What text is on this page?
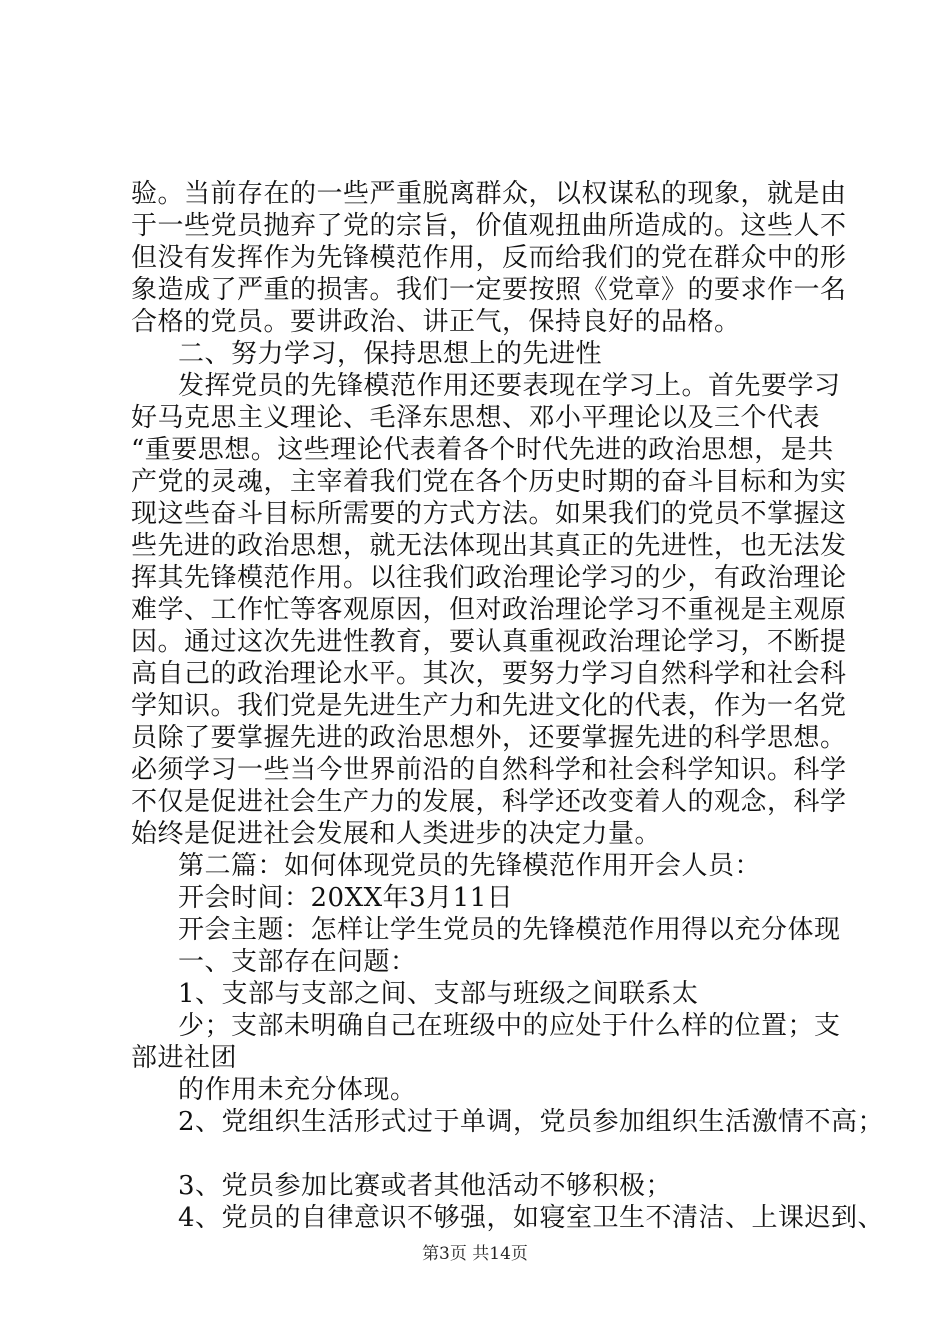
验。当前存在的一些严重脱离群众，以权谋私的现象，就是由
于一些党员抛弃了党的宗旨，价值观扭曲所造成的。这些人不
但没有发挥作为先锋模范作用，反而给我们的党在群众中的形
象造成了严重的损害。我们一定要按照《党章》的要求作一名
合格的党员。要讲政治、讲正气，保持良好的品格。
二、努力学习，保持思想上的先进性
发挥党员的先锋模范作用还要表现在学习上。首先要学习
好马克思主义理论、毛泽东思想、邓小平理论以及三个代表
“重要思想。这些理论代表着各个时代先进的政治思想，是共
产党的灵魂，主宰着我们党在各个历史时期的奋斗目标和为实
现这些奋斗目标所需要的方式方法。如果我们的党员不掌握这
些先进的政治思想，就无法体现出其真正的先进性，也无法发
挥其先锋模范作用。以往我们政治理论学习的少，有政治理论
难学、工作忙等客观原因，但对政治理论学习不重视是主观原
因。通过这次先进性教育，要认真重视政治理论学习，不断提
高自己的政治理论水平。其次，要努力学习自然科学和社会科
学知识。我们党是先进生产力和先进文化的代表，作为一名党
员除了要掌握先进的政治思想外，还要掌握先进的科学思想。
必须学习一些当今世界前沿的自然科学和社会科学知识。科学
不仅是促进社会生产力的发展，科学还改变着人的观念，科学
始终是促进社会发展和人类进步的决定力量。
第二篇：如何体现党员的先锋模范作用开会人员：
开会时间：20XX年3月11日
开会主题：怎样让学生党员的先锋模范作用得以充分体现
一、支部存在问题：
1、支部与支部之间、支部与班级之间联系太
少；支部未明确自己在班级中的应处于什么样的位置；支
部进社团
的作用未充分体现。
2、党组织生活形式过于单调，党员参加组织生活激情不高；
3、党员参加比赛或者其他活动不够积极；
4、党员的自律意识不够强，如寝室卫生不清洁、上课迟到、
第3页 共14页
